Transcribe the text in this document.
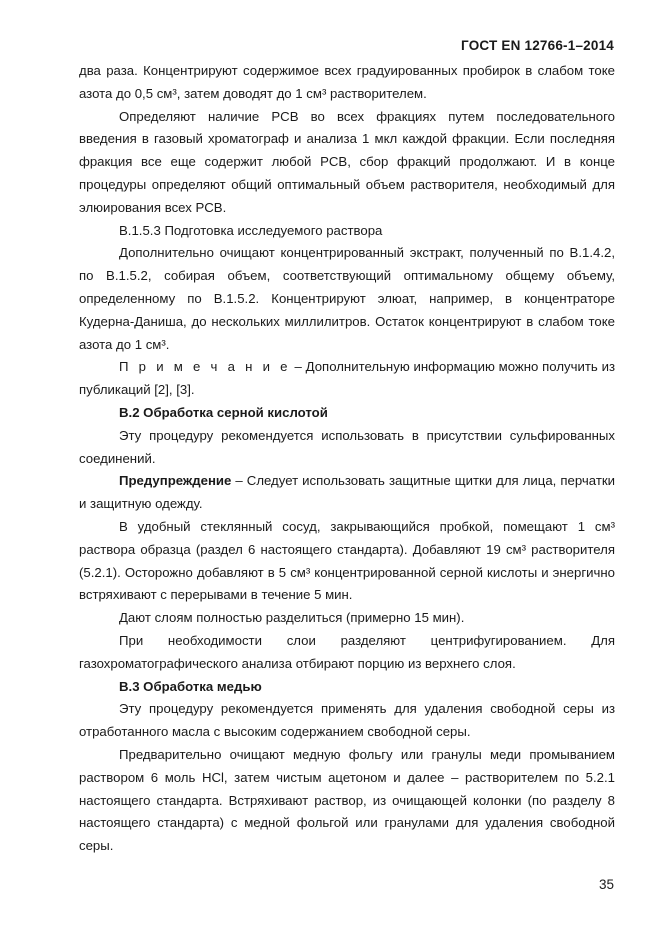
ГОСТ EN 12766-1–2014

два раза. Концентрируют содержимое всех градуированных пробирок в слабом токе азота до 0,5 см³, затем доводят до 1 см³ растворителем.

Определяют наличие PCB во всех фракциях путем последовательного введения в газовый хроматограф и анализа 1 мкл каждой фракции. Если последняя фракция все еще содержит любой PCB, сбор фракций продолжают. И в конце процедуры определяют общий оптимальный объем растворителя, необходимый для элюирования всех PCB.

В.1.5.3 Подготовка исследуемого раствора

Дополнительно очищают концентрированный экстракт, полученный по В.1.4.2, по В.1.5.2, собирая объем, соответствующий оптимальному общему объему, определенному по В.1.5.2. Концентрируют элюат, например, в концентраторе Кудерна-Даниша, до нескольких миллилитров. Остаток концентрируют в слабом токе азота до 1 см³.

П р и м е ч а н и е – Дополнительную информацию можно получить из публикаций [2], [3].

В.2 Обработка серной кислотой

Эту процедуру рекомендуется использовать в присутствии сульфированных соединений.

Предупреждение – Следует использовать защитные щитки для лица, перчатки и защитную одежду.

В удобный стеклянный сосуд, закрывающийся пробкой, помещают 1 см³ раствора образца (раздел 6 настоящего стандарта). Добавляют 19 см³ растворителя (5.2.1). Осторожно добавляют в 5 см³ концентрированной серной кислоты и энергично встряхивают с перерывами в течение 5 мин.

Дают слоям полностью разделиться (примерно 15 мин).

При необходимости слои разделяют центрифугированием. Для газохроматографического анализа отбирают порцию из верхнего слоя.

В.3 Обработка медью

Эту процедуру рекомендуется применять для удаления свободной серы из отработанного масла с высоким содержанием свободной серы.

Предварительно очищают медную фольгу или гранулы меди промыванием раствором 6 моль HCl, затем чистым ацетоном и далее – растворителем по 5.2.1 настоящего стандарта. Встряхивают раствор, из очищающей колонки (по разделу 8 настоящего стандарта) с медной фольгой или гранулами для удаления свободной серы.

35
